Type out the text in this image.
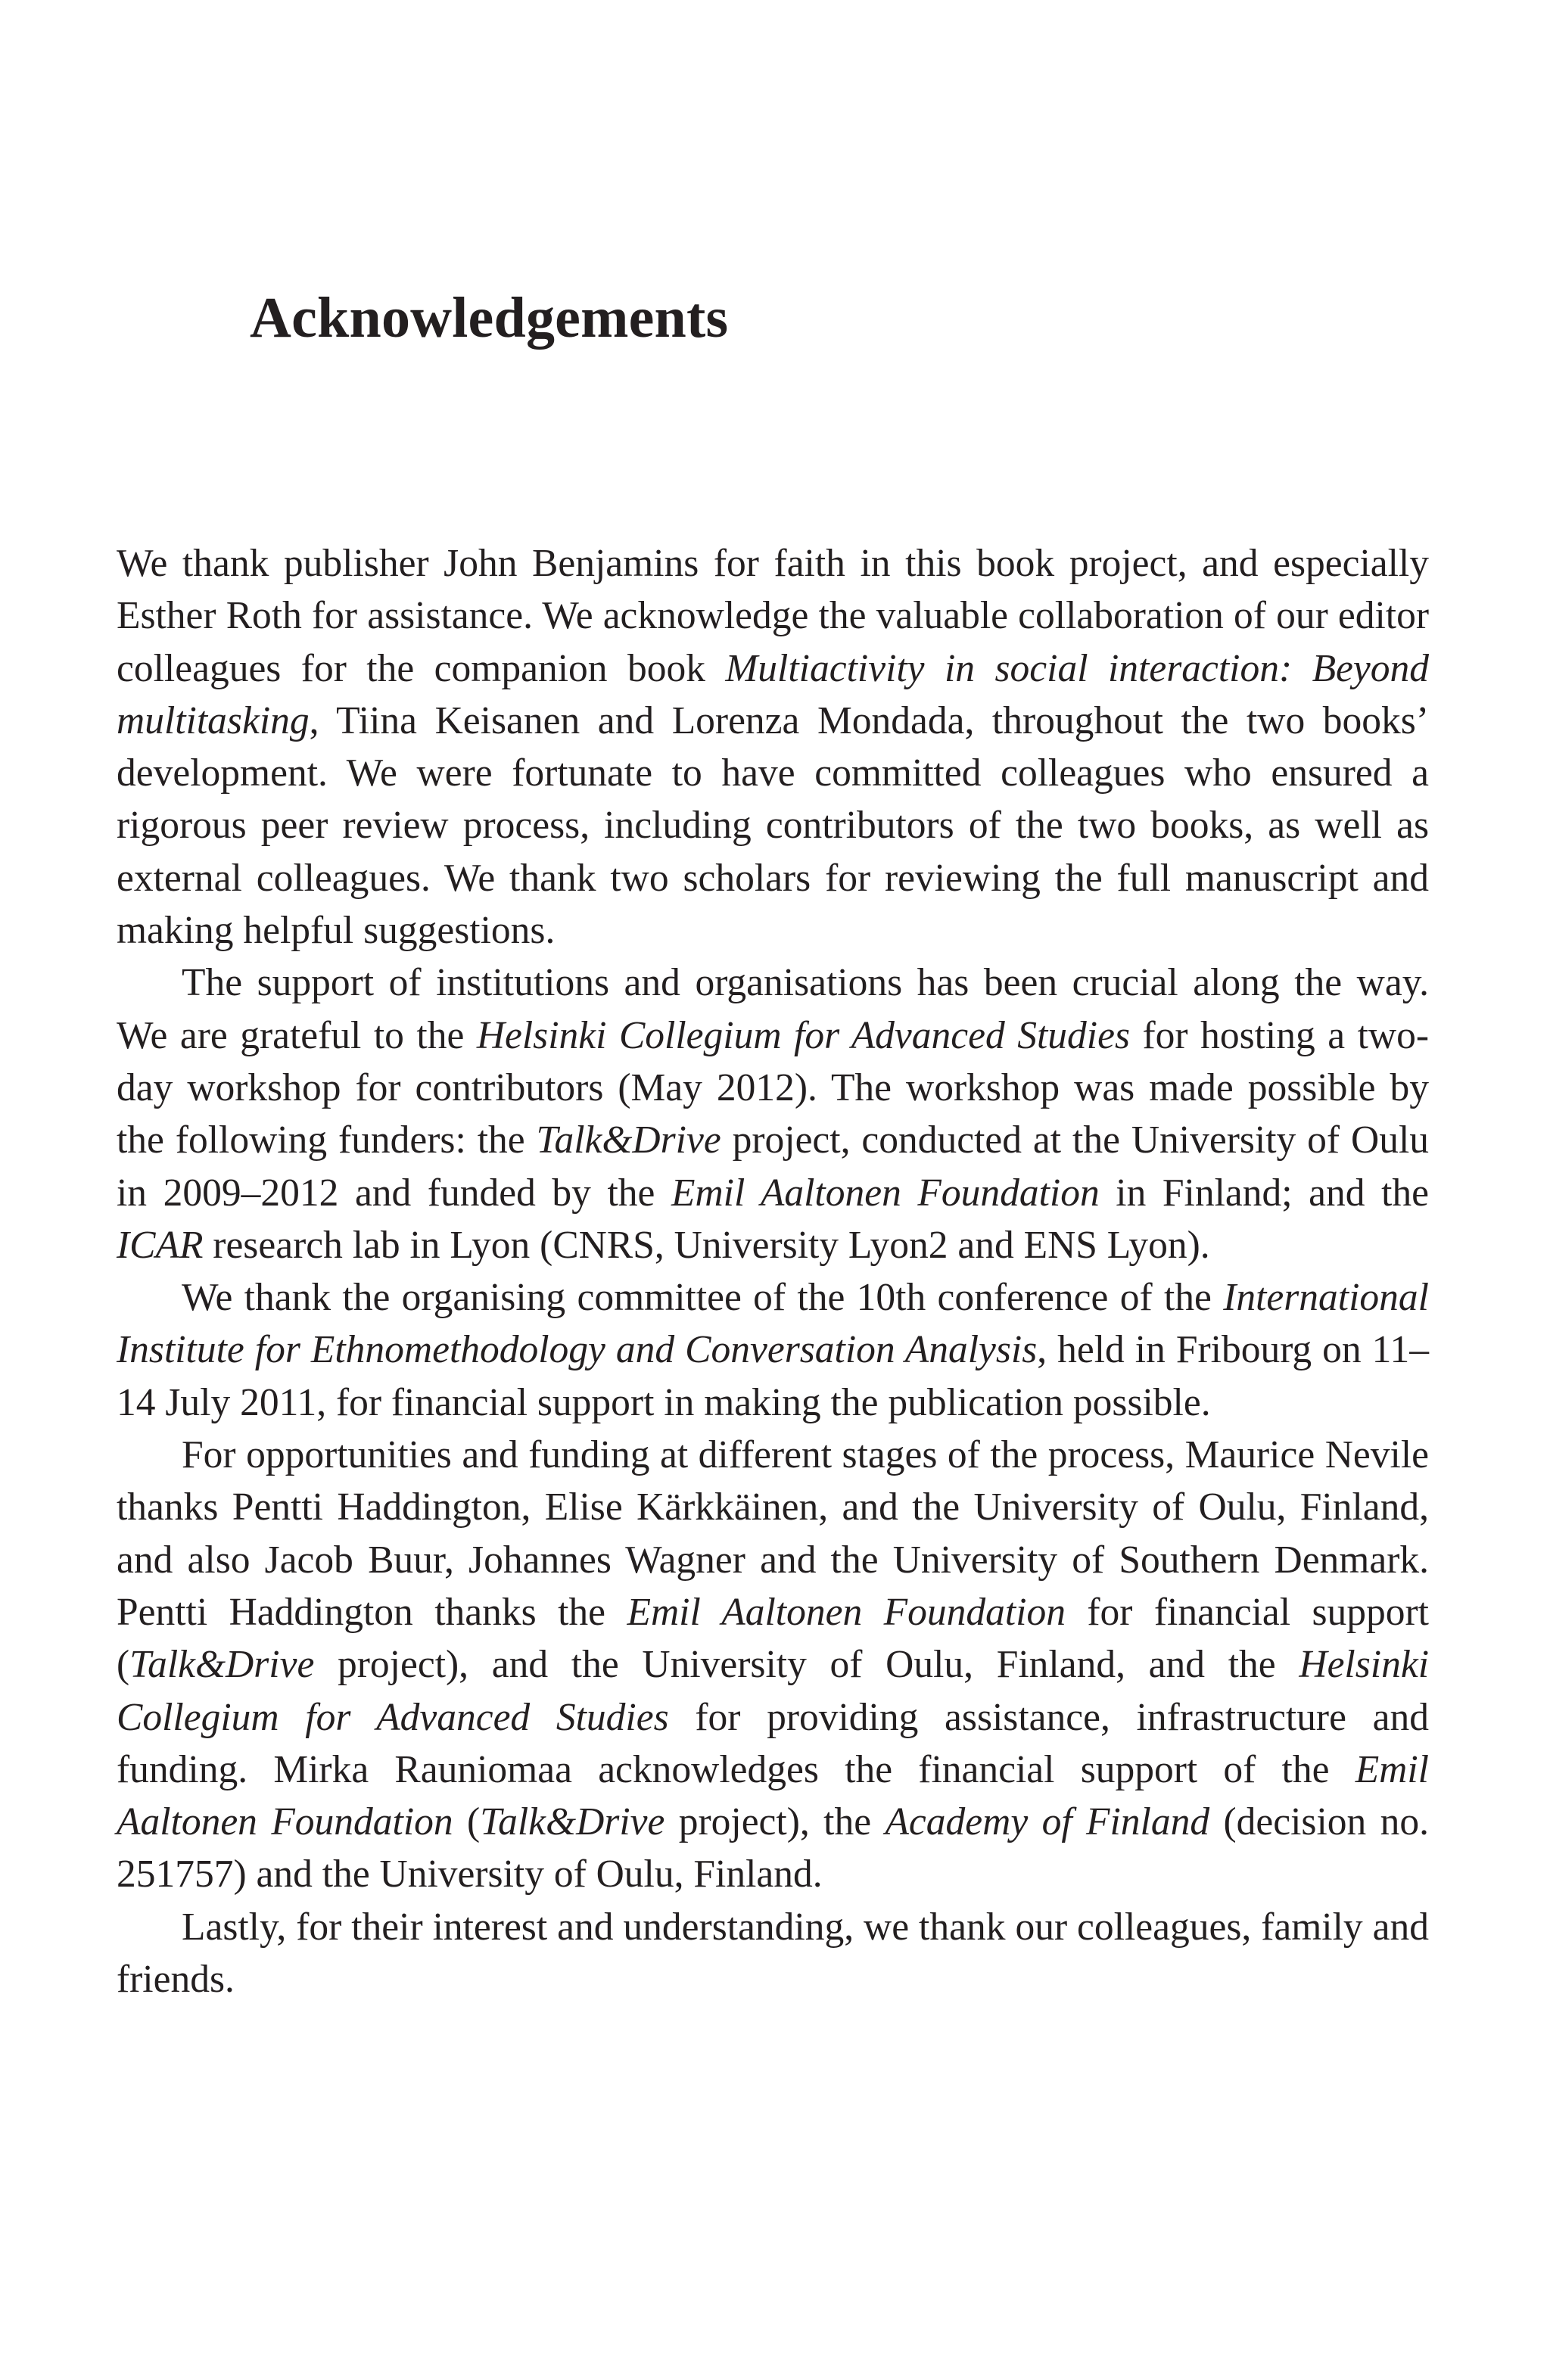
Acknowledgements

We thank publisher John Benjamins for faith in this book project, and especially Esther Roth for assistance. We acknowledge the valuable collaboration of our editor colleagues for the companion book Multiactivity in social interaction: Beyond multitasking, Tiina Keisanen and Lorenza Mondada, throughout the two books’ development. We were fortunate to have committed colleagues who ensured a rigorous peer review process, including contributors of the two books, as well as external colleagues. We thank two scholars for reviewing the full manuscript and making helpful suggestions.

The support of institutions and organisations has been crucial along the way. We are grateful to the Helsinki Collegium for Advanced Studies for hosting a twoday workshop for contributors (May 2012). The workshop was made possible by the following funders: the Talk&Drive project, conducted at the University of Oulu in 2009–2012 and funded by the Emil Aaltonen Foundation in Finland; and the ICAR research lab in Lyon (CNRS, University Lyon2 and ENS Lyon).

We thank the organising committee of the 10th conference of the International Institute for Ethnomethodology and Conversation Analysis, held in Fribourg on 11–14 July 2011, for financial support in making the publication possible.

For opportunities and funding at different stages of the process, Maurice Nevile thanks Pentti Haddington, Elise Kärkkäinen, and the University of Oulu, Finland, and also Jacob Buur, Johannes Wagner and the University of Southern Denmark. Pentti Haddington thanks the Emil Aaltonen Foundation for financial support (Talk&Drive project), and the University of Oulu, Finland, and the Helsinki Collegium for Advanced Studies for providing assistance, infrastructure and funding. Mirka Rauniomaa acknowledges the financial support of the Emil Aaltonen Foundation (Talk&Drive project), the Academy of Finland (decision no. 251757) and the University of Oulu, Finland.

Lastly, for their interest and understanding, we thank our colleagues, family and friends.
